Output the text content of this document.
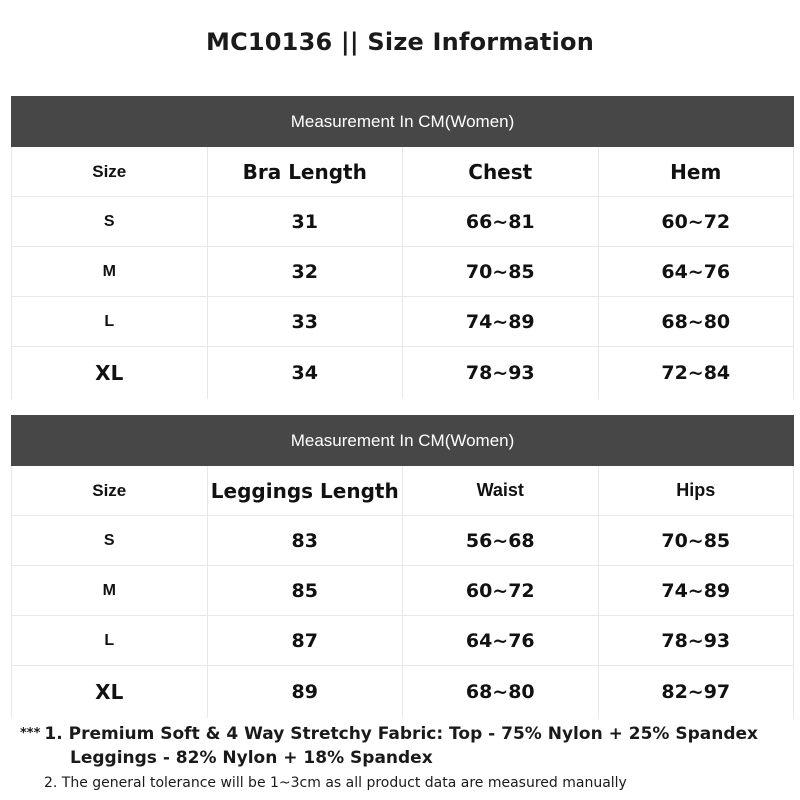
MC10136 || Size Information
Measurement In CM(Women)
Size	Bra Length	Chest	Hem
S	31	66~81	60~72
M	32	70~85	64~76
L	33	74~89	68~80
XL	34	78~93	72~84
Measurement In CM(Women)
Size	Leggings Length	Waist	Hips
S	83	56~68	70~85
M	85	60~72	74~89
L	87	64~76	78~93
XL	89	68~80	82~97
*** 1. Premium Soft & 4 Way Stretchy Fabric: Top - 75% Nylon + 25% Spandex
Leggings - 82% Nylon + 18% Spandex
2. The general tolerance will be 1~3cm as all product data are measured manually
